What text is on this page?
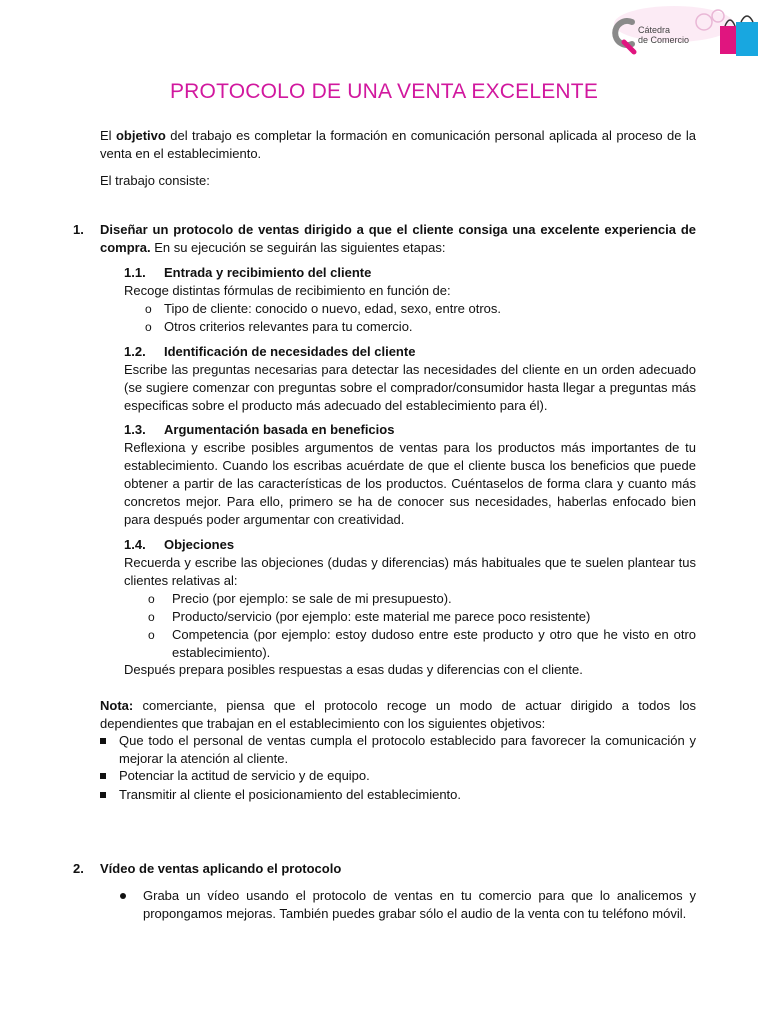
Cátedra
de Comercio
PROTOCOLO DE UNA VENTA EXCELENTE
El objetivo del trabajo es completar la formación en comunicación personal aplicada al proceso de la venta en el establecimiento.
El trabajo consiste:
1. Diseñar un protocolo de ventas dirigido a que el cliente consiga una excelente experiencia de compra. En su ejecución se seguirán las siguientes etapas:
1.1. Entrada y recibimiento del cliente
Recoge distintas fórmulas de recibimiento en función de:
o Tipo de cliente: conocido o nuevo, edad, sexo, entre otros.
o Otros criterios relevantes para tu comercio.
1.2. Identificación de necesidades del cliente
Escribe las preguntas necesarias para detectar las necesidades del cliente en un orden adecuado (se sugiere comenzar con preguntas sobre el comprador/consumidor hasta llegar a preguntas más especificas sobre el producto más adecuado del establecimiento para él).
1.3. Argumentación basada en beneficios
Reflexiona y escribe posibles argumentos de ventas para los productos más importantes de tu establecimiento. Cuando los escribas acuérdate de que el cliente busca los beneficios que puede obtener a partir de las características de los productos. Cuéntaselos de forma clara y cuanto más concretos mejor. Para ello, primero se ha de conocer sus necesidades, haberlas enfocado bien para después poder argumentar con creatividad.
1.4. Objeciones
Recuerda y escribe las objeciones (dudas y diferencias) más habituales que te suelen plantear tus clientes relativas al:
o Precio (por ejemplo: se sale de mi presupuesto).
o Producto/servicio (por ejemplo: este material me parece poco resistente)
o Competencia (por ejemplo: estoy dudoso entre este producto y otro que he visto en otro establecimiento).
Después prepara posibles respuestas a esas dudas y diferencias con el cliente.
Nota: comerciante, piensa que el protocolo recoge un modo de actuar dirigido a todos los dependientes que trabajan en el establecimiento con los siguientes objetivos:
Que todo el personal de ventas cumpla el protocolo establecido para favorecer la comunicación y mejorar la atención al cliente.
Potenciar la actitud de servicio y de equipo.
Transmitir al cliente el posicionamiento del establecimiento.
2. Vídeo de ventas aplicando el protocolo
Graba un vídeo usando el protocolo de ventas en tu comercio para que lo analicemos y propongamos mejoras. También puedes grabar sólo el audio de la venta con tu teléfono móvil.
